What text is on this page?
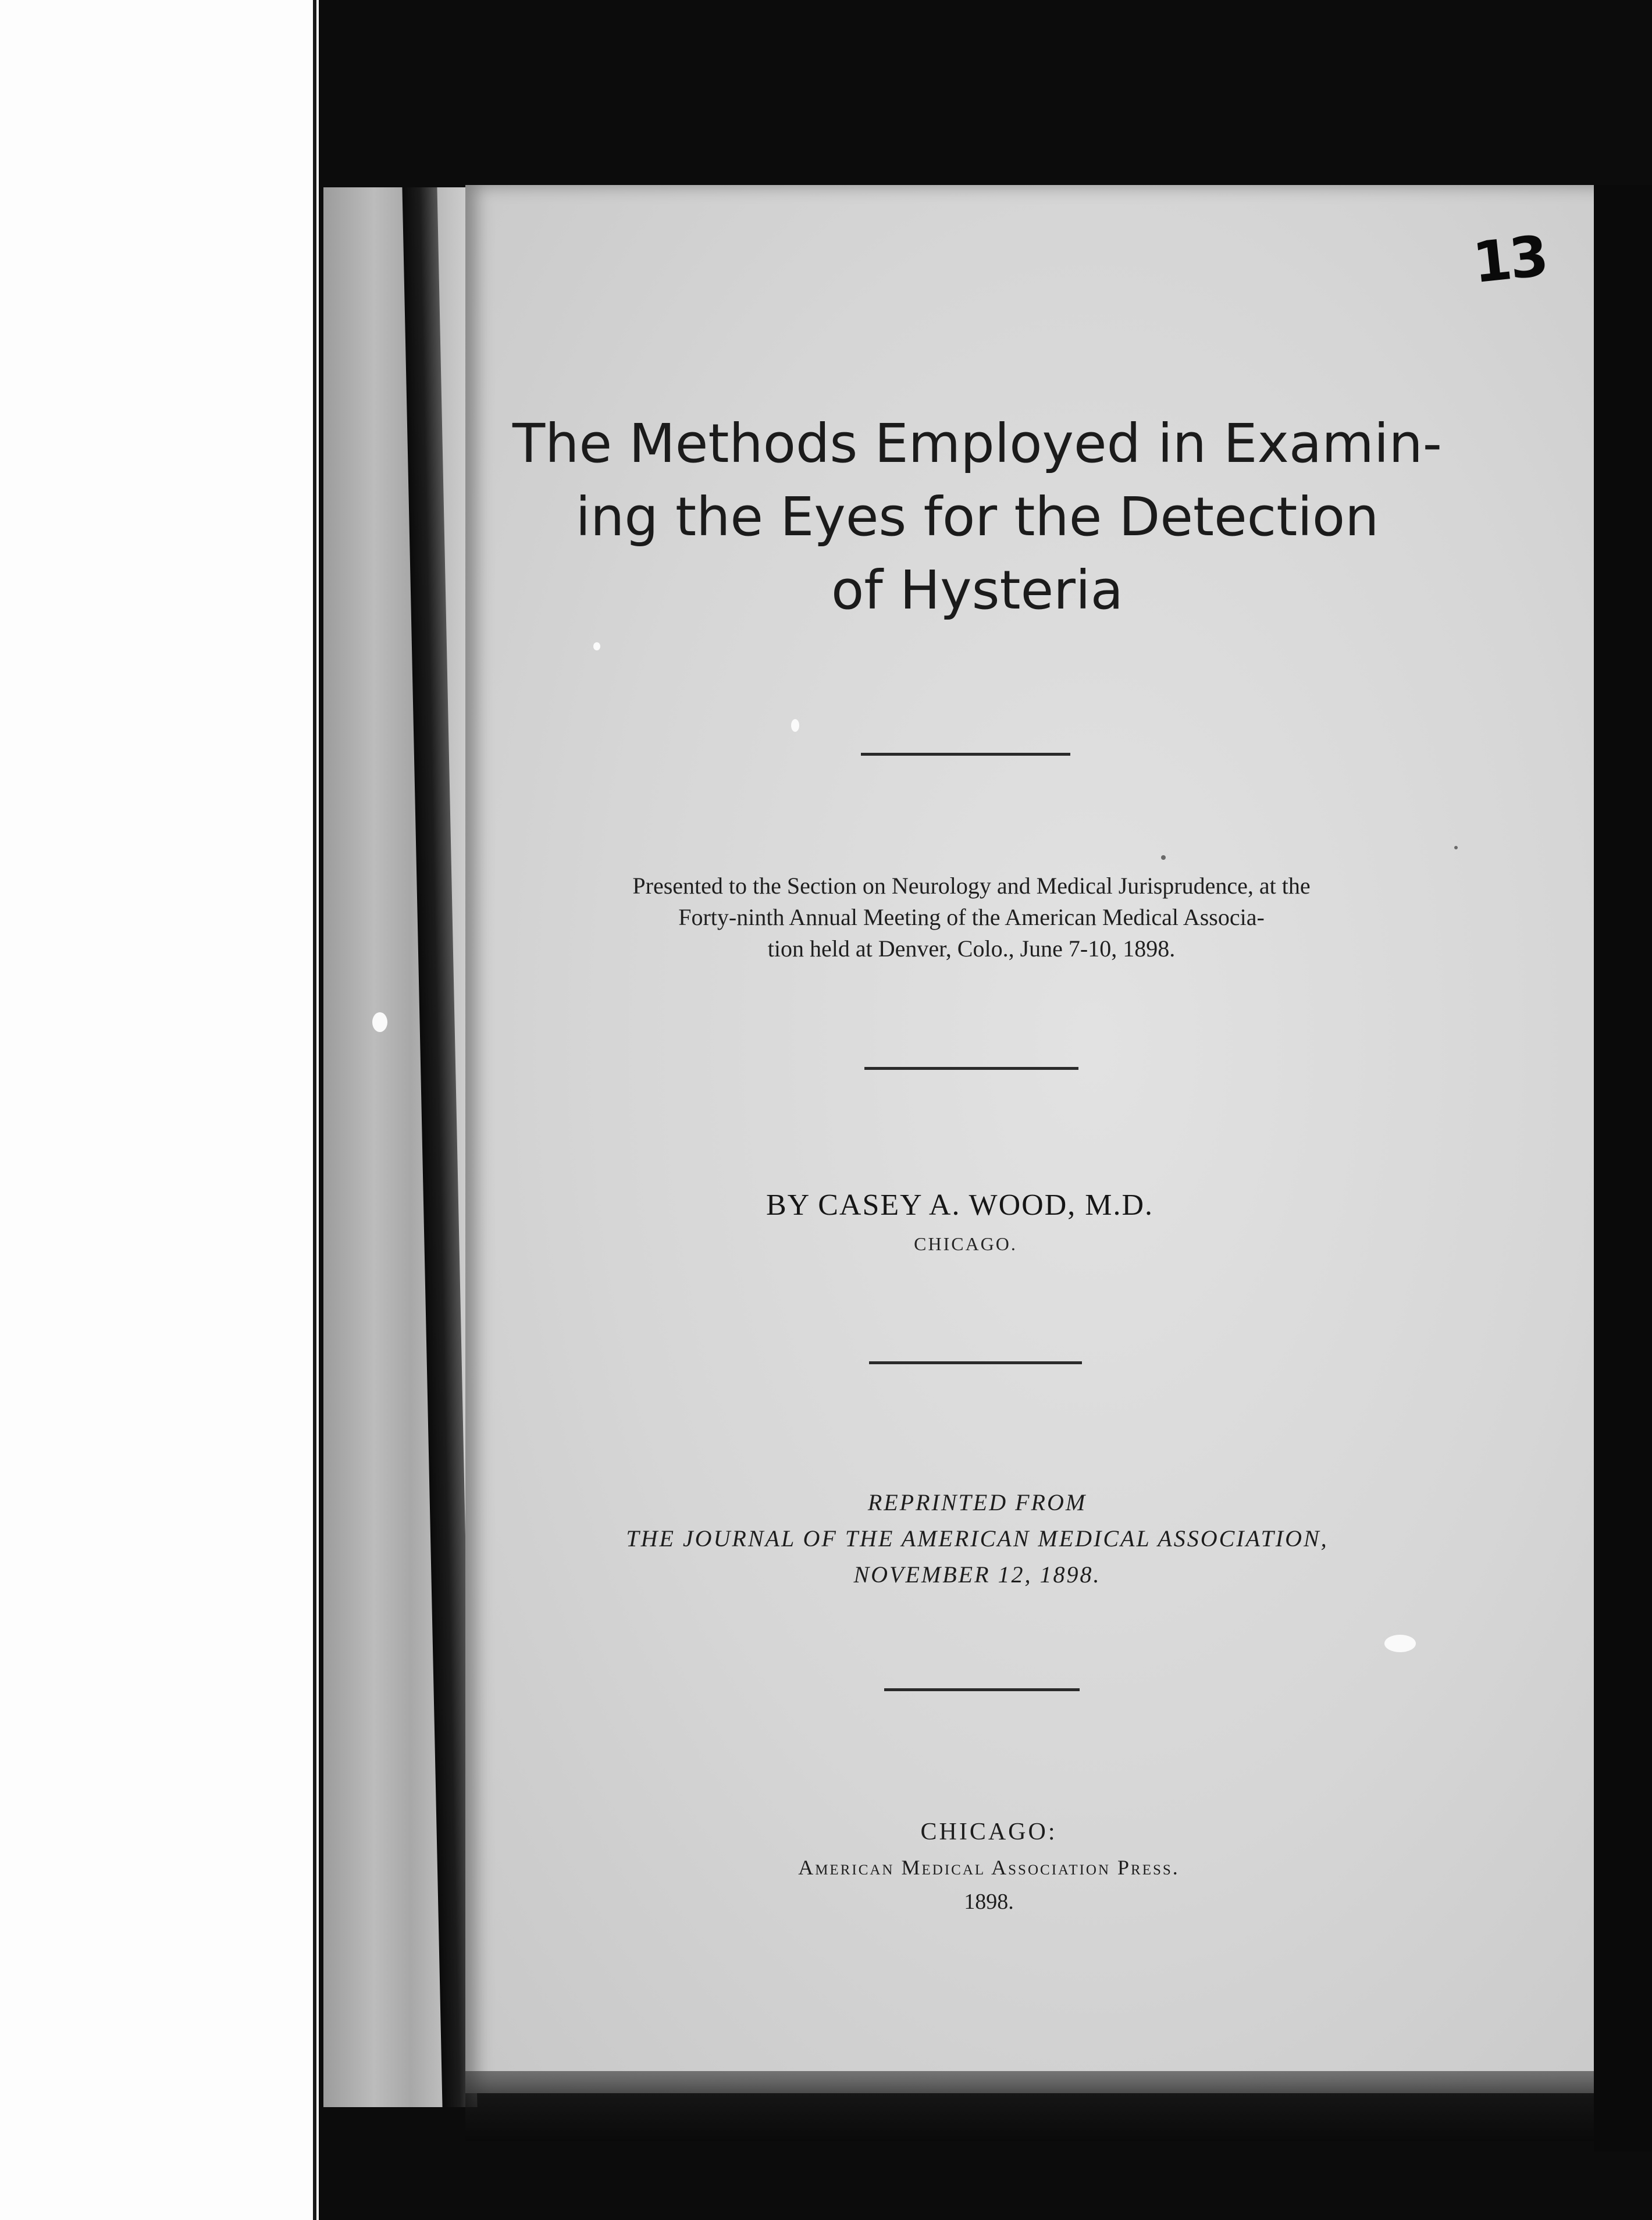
13
The Methods Employed in Examin-
ing the Eyes for the Detection
of Hysteria
Presented to the Section on Neurology and Medical Jurisprudence, at the
Forty-ninth Annual Meeting of the American Medical Associa-
tion held at Denver, Colo., June 7-10, 1898.
BY CASEY A. WOOD, M.D.
CHICAGO.
REPRINTED FROM
THE JOURNAL OF THE AMERICAN MEDICAL ASSOCIATION,
NOVEMBER 12, 1898.
CHICAGO:
American Medical Association Press.
1898.
